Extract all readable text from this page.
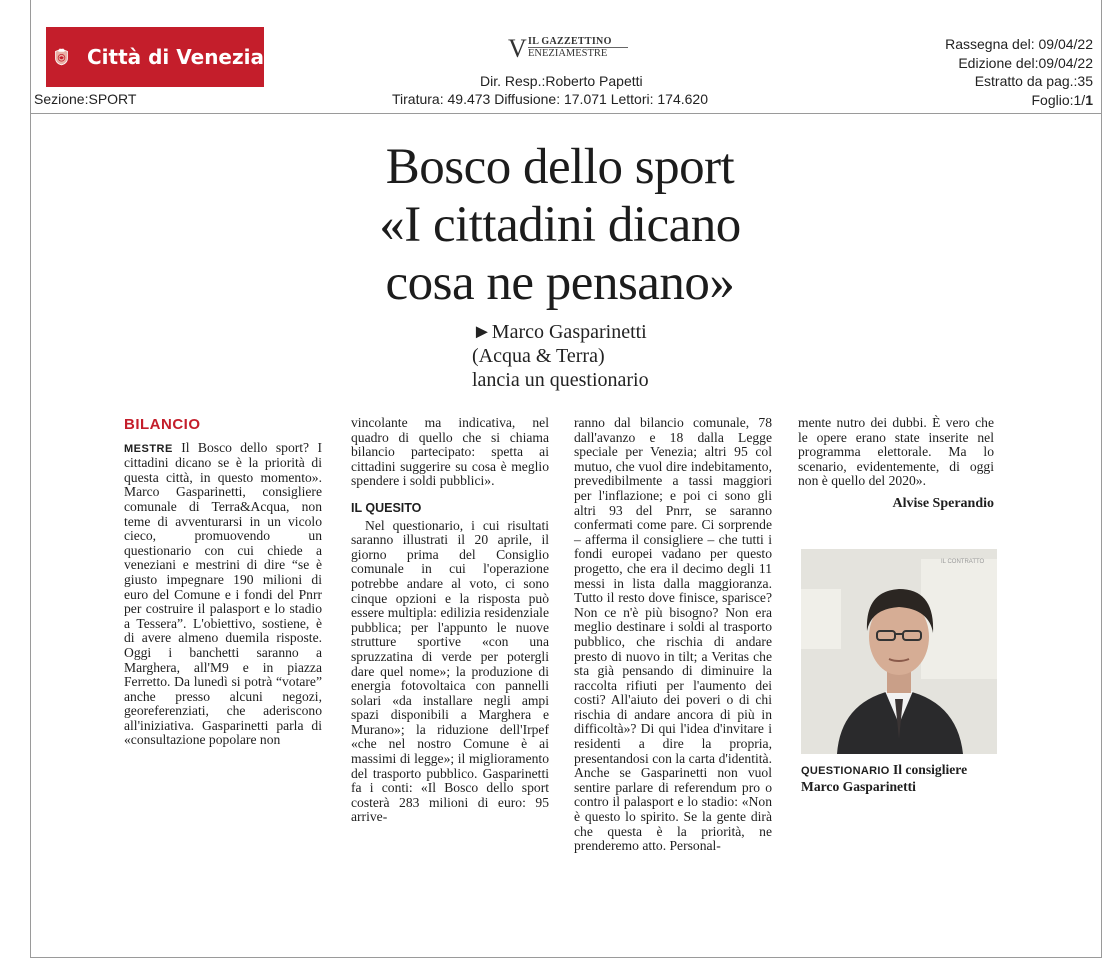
Città di Venezia
Sezione:SPORT
V IL GAZZETTINO
ENEZIAMESTRE
Dir. Resp.:Roberto Papetti
Tiratura: 49.473 Diffusione: 17.071 Lettori: 174.620
Rassegna del: 09/04/22
Edizione del:09/04/22
Estratto da pag.:35
Foglio:1/1
Bosco dello sport
«I cittadini dicano
cosa ne pensano»
►Marco Gasparinetti
(Acqua & Terra)
lancia un questionario
BILANCIO

MESTRE Il Bosco dello sport? I cittadini dicano se è la priorità di questa città, in questo momento». Marco Gasparinetti, consigliere comunale di Terra&Acqua, non teme di avventurarsi in un vicolo cieco, promuovendo un questionario con cui chiede a veneziani e mestrini di dire “se è giusto impegnare 190 milioni di euro del Comune e i fondi del Pnrr per costruire il palasport e lo stadio a Tessera”. L'obiettivo, sostiene, è di avere almeno duemila risposte. Oggi i banchetti saranno a Marghera, all'M9 e in piazza Ferretto. Da lunedì si potrà “votare” anche presso alcuni negozi, georeferenziati, che aderiscono all'iniziativa. Gasparinetti parla di «consultazione popolare non

vincolante ma indicativa, nel quadro di quello che si chiama bilancio partecipato: spetta ai cittadini suggerire su cosa è meglio spendere i soldi pubblici».

IL QUESITO

Nel questionario, i cui risultati saranno illustrati il 20 aprile, il giorno prima del Consiglio comunale in cui l'operazione potrebbe andare al voto, ci sono cinque opzioni e la risposta può essere multipla: edilizia residenziale pubblica; per l'appunto le nuove strutture sportive «con una spruzzatina di verde per potergli dare quel nome»; la produzione di energia fotovoltaica con pannelli solari «da installare negli ampi spazi disponibili a Marghera e Murano»; la riduzione dell'Irpef «che nel nostro Comune è ai massimi di legge»; il miglioramento del trasporto pubblico. Gasparinetti fa i conti: «Il Bosco dello sport costerà 283 milioni di euro: 95 arrive-

ranno dal bilancio comunale, 78 dall'avanzo e 18 dalla Legge speciale per Venezia; altri 95 col mutuo, che vuol dire indebitamento, prevedibilmente a tassi maggiori per l'inflazione; e poi ci sono gli altri 93 del Pnrr, se saranno confermati come pare. Ci sorprende – afferma il consigliere – che tutti i fondi europei vadano per questo progetto, che era il decimo degli 11 messi in lista dalla maggioranza. Tutto il resto dove finisce, sparisce? Non ce n'è più bisogno? Non era meglio destinare i soldi al trasporto pubblico, che rischia di andare presto di nuovo in tilt; a Veritas che sta già pensando di diminuire la raccolta rifiuti per l'aumento dei costi? All'aiuto dei poveri o di chi rischia di andare ancora di più in difficoltà»? Di qui l'idea d'invitare i residenti a dire la propria, presentandosi con la carta d'identità. Anche se Gasparinetti non vuol sentire parlare di referendum pro o contro il palasport e lo stadio: «Non è questo lo spirito. Se la gente dirà che questa è la priorità, ne prenderemo atto. Personal-

mente nutro dei dubbi. È vero che le opere erano state inserite nel programma elettorale. Ma lo scenario, evidentemente, di oggi non è quello del 2020».

Alvise Sperandio
IL CONTRATTO
QUESTIONARIO Il consigliere Marco Gasparinetti
